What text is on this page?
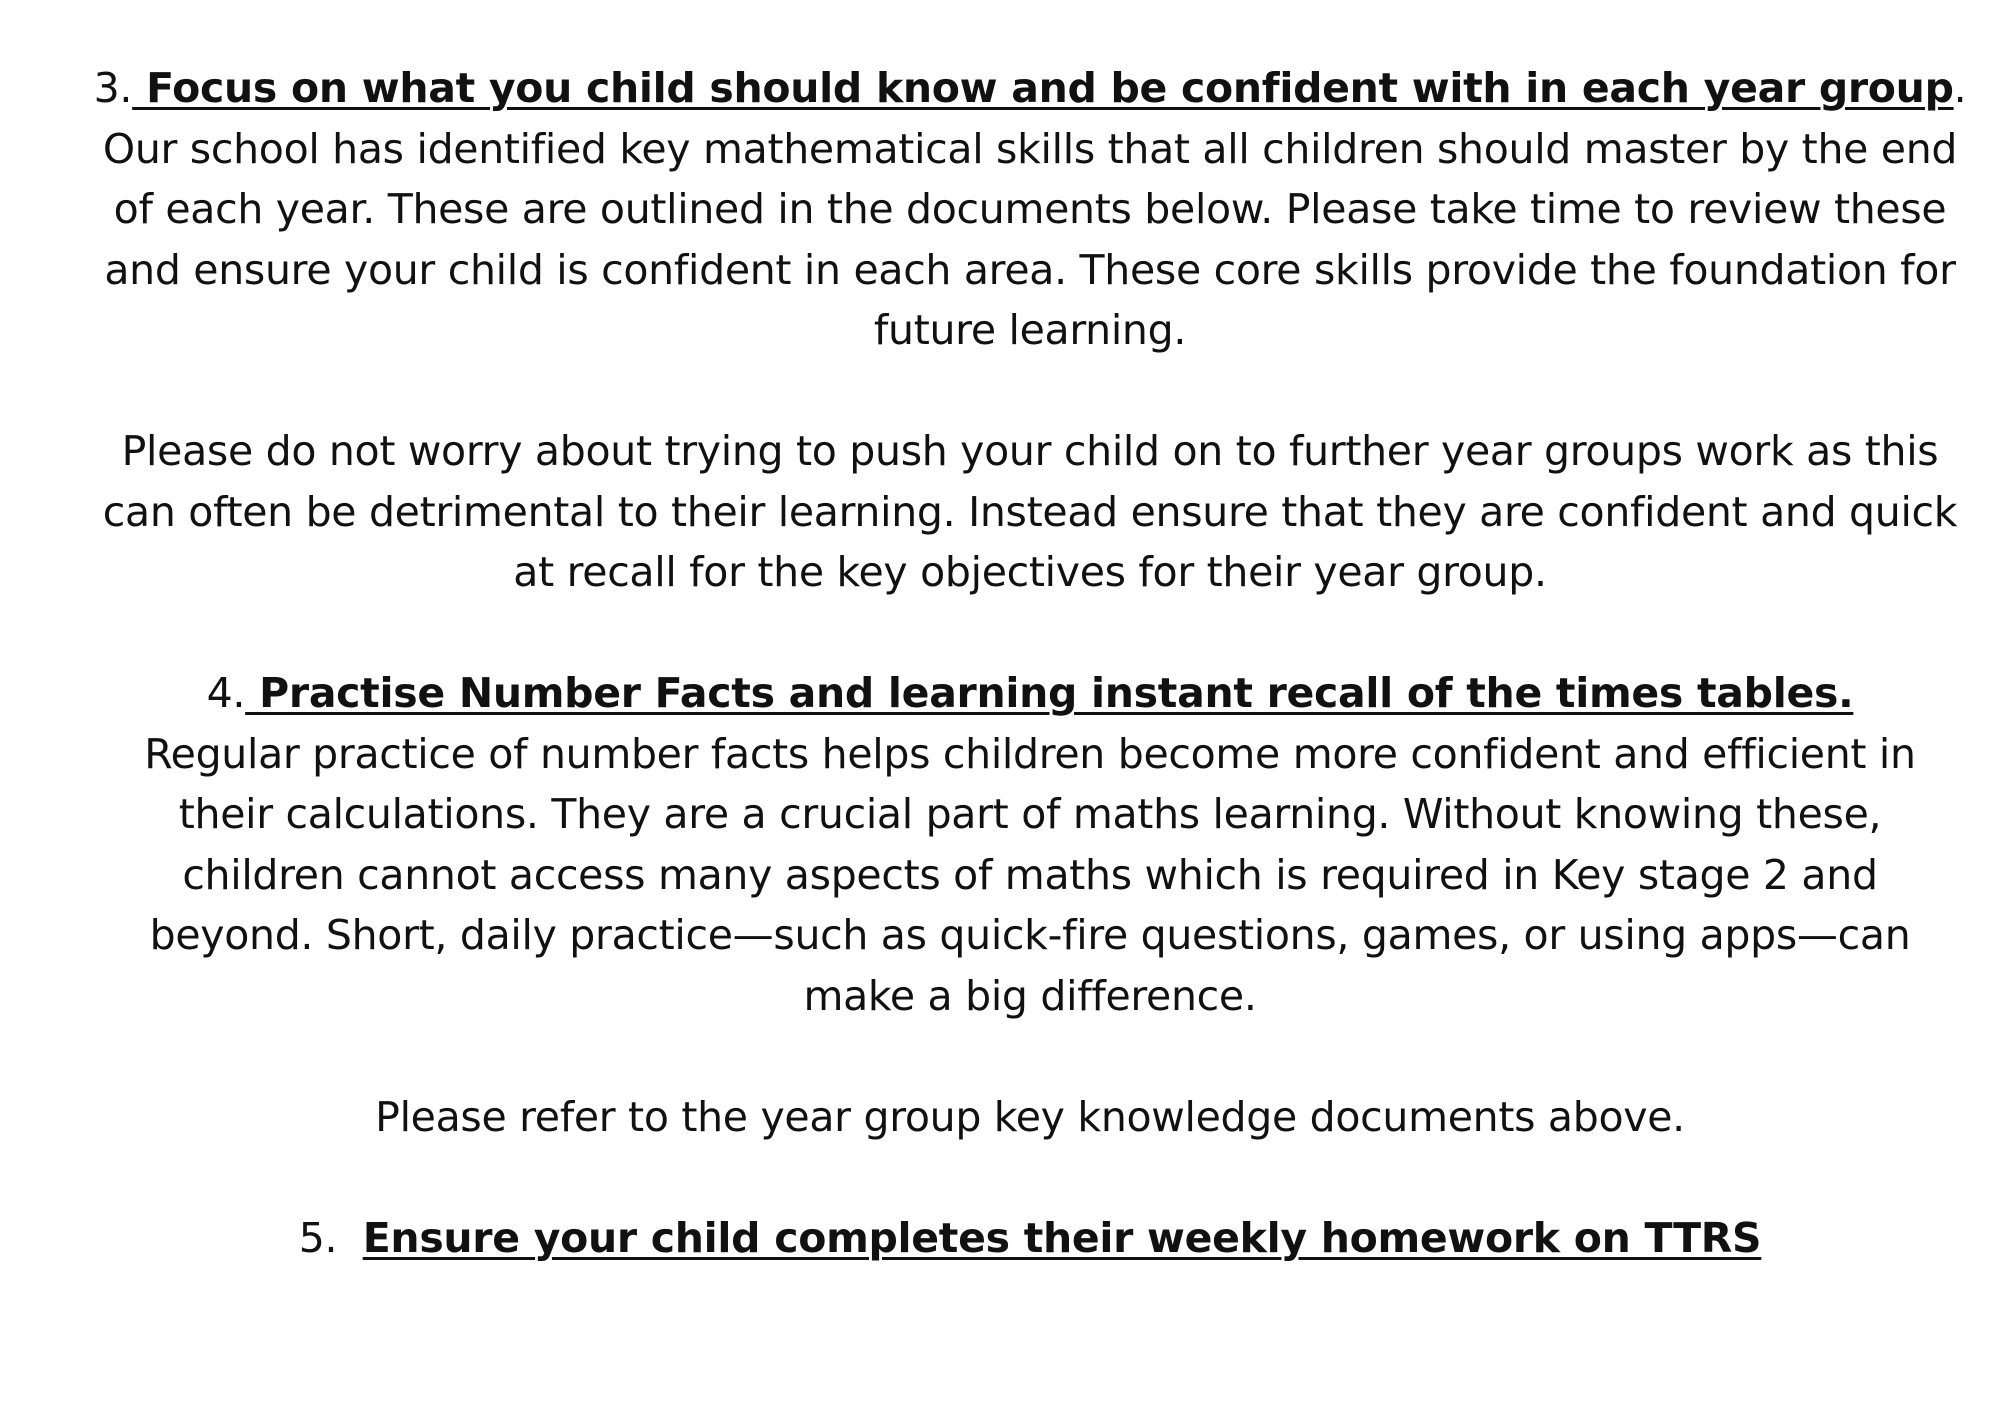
3. Focus on what you child should know and be confident with in each year group.
Our school has identified key mathematical skills that all children should master by the end
of each year. These are outlined in the documents below. Please take time to review these
and ensure your child is confident in each area. These core skills provide the foundation for
future learning.
Please do not worry about trying to push your child on to further year groups work as this
can often be detrimental to their learning. Instead ensure that they are confident and quick
at recall for the key objectives for their year group.
4. Practise Number Facts and learning instant recall of the times tables.
Regular practice of number facts helps children become more confident and efficient in
their calculations. They are a crucial part of maths learning. Without knowing these,
children cannot access many aspects of maths which is required in Key stage 2 and
beyond. Short, daily practice—such as quick-fire questions, games, or using apps—can
make a big difference.
Please refer to the year group key knowledge documents above.
5.  Ensure your child completes their weekly homework on TTRS
